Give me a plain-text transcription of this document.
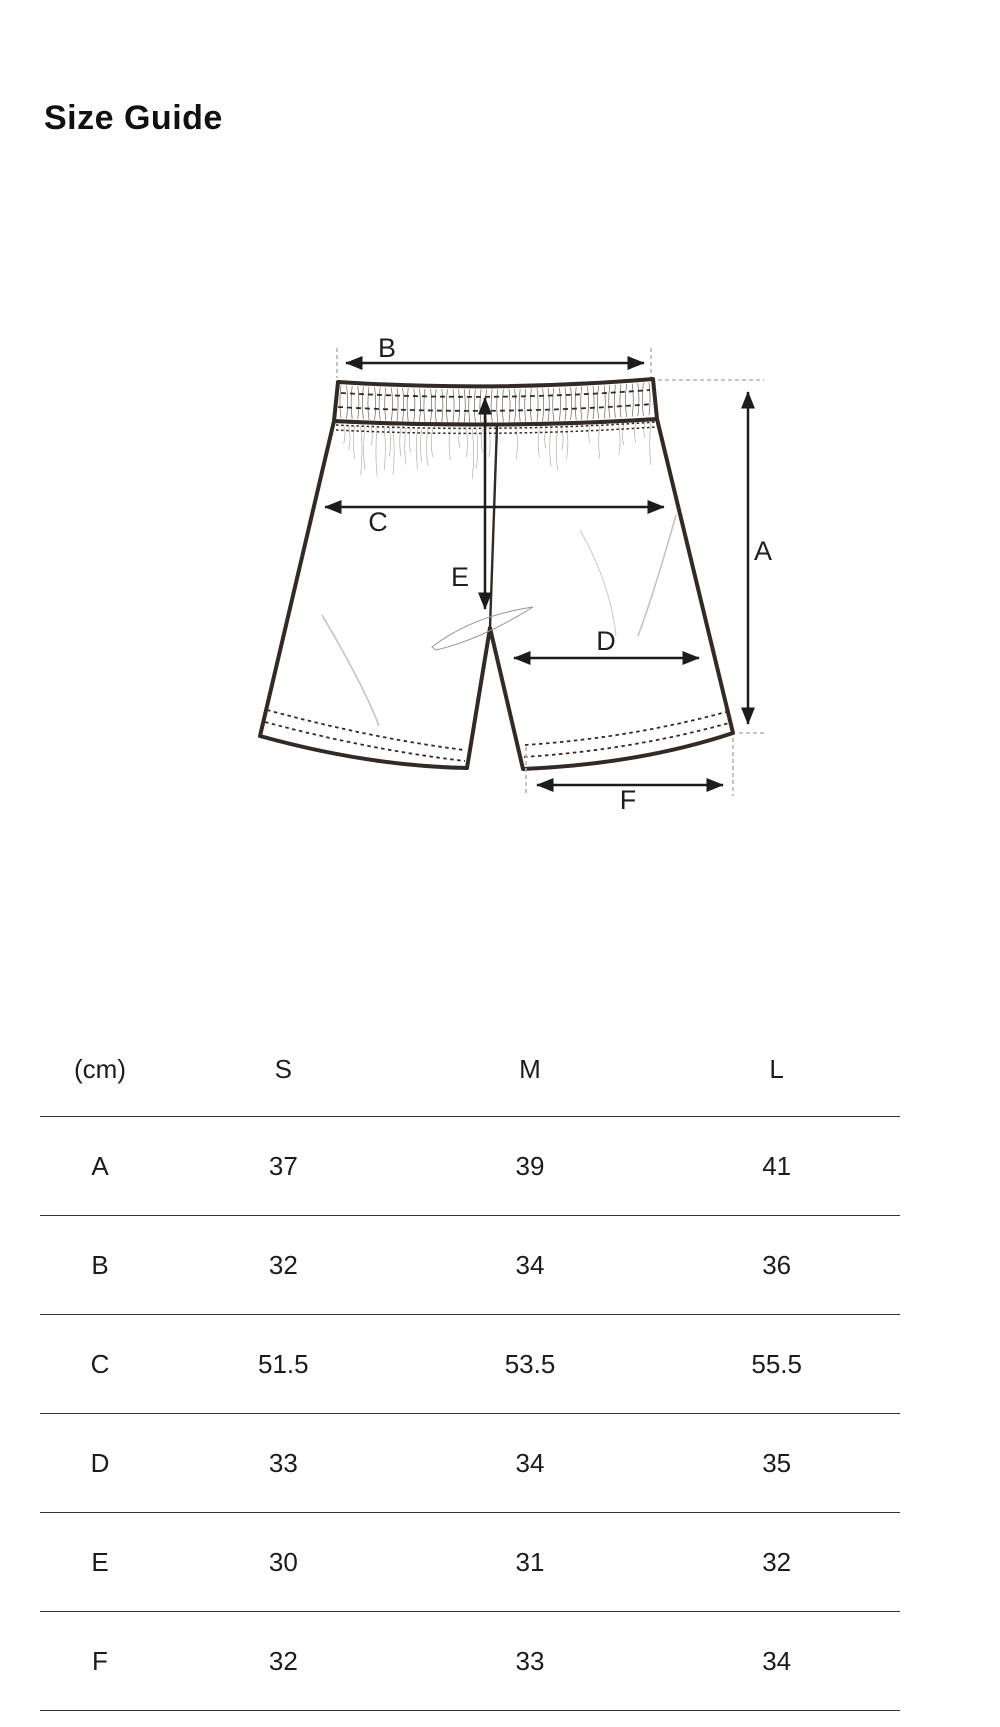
Size Guide
B
C
E
D
A
F
(cm)	S	M	L
A	37	39	41
B	32	34	36
C	51.5	53.5	55.5
D	33	34	35
E	30	31	32
F	32	33	34
